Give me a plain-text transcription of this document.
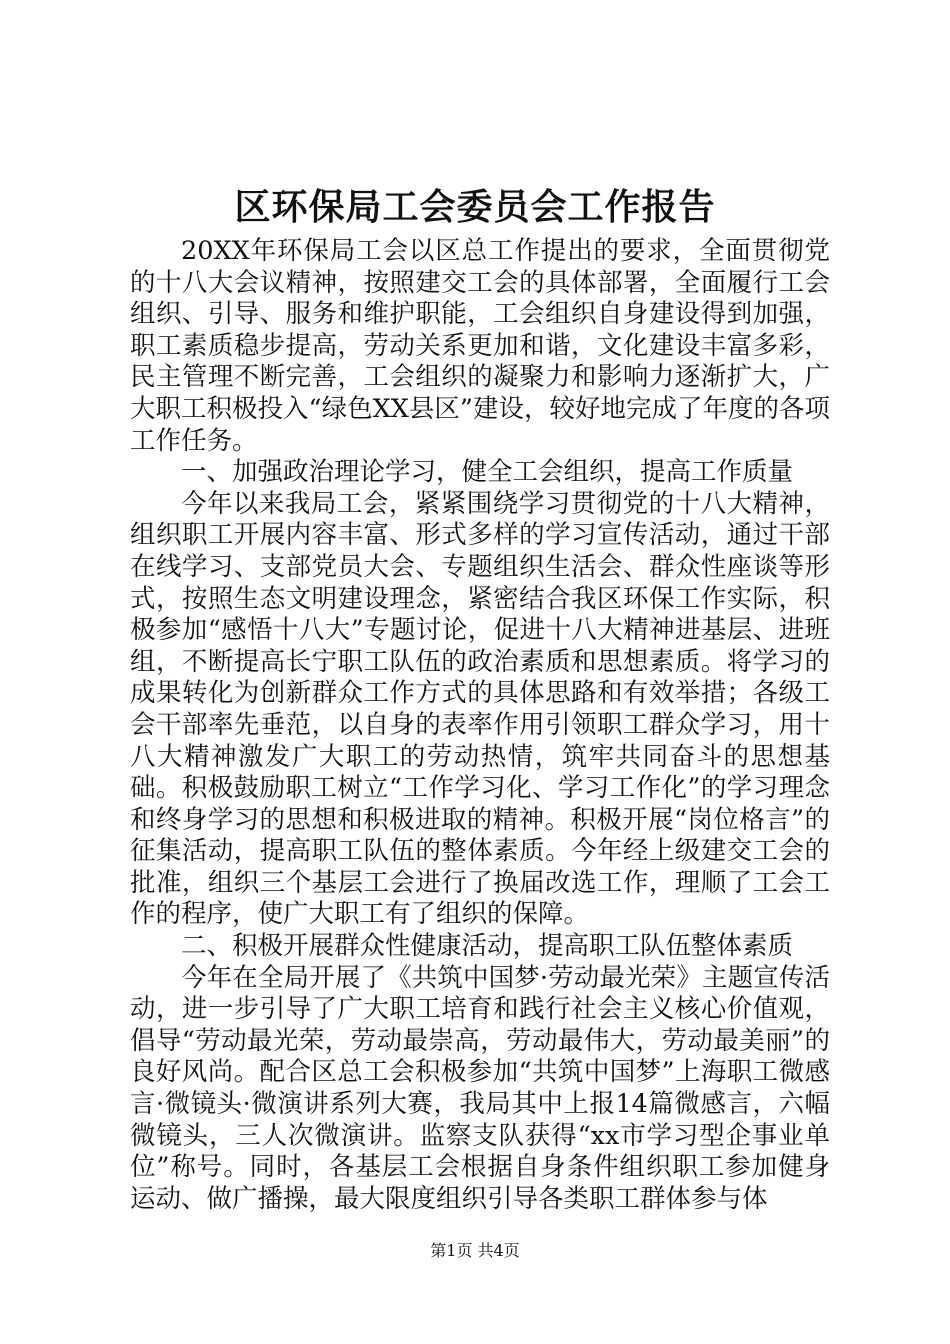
区环保局工会委员会工作报告

20XX年环保局工会以区总工作提出的要求，全面贯彻党的十八大会议精神，按照建交工会的具体部署，全面履行工会组织、引导、服务和维护职能，工会组织自身建设得到加强，职工素质稳步提高，劳动关系更加和谐，文化建设丰富多彩，民主管理不断完善，工会组织的凝聚力和影响力逐渐扩大，广大职工积极投入“绿色XX县区”建设，较好地完成了年度的各项工作任务。

一、加强政治理论学习，健全工会组织，提高工作质量

今年以来我局工会，紧紧围绕学习贯彻党的十八大精神，组织职工开展内容丰富、形式多样的学习宣传活动，通过干部在线学习、支部党员大会、专题组织生活会、群众性座谈等形式，按照生态文明建设理念，紧密结合我区环保工作实际，积极参加“感悟十八大”专题讨论，促进十八大精神进基层、进班组，不断提高长宁职工队伍的政治素质和思想素质。将学习的成果转化为创新群众工作方式的具体思路和有效举措；各级工会干部率先垂范，以自身的表率作用引领职工群众学习，用十八大精神激发广大职工的劳动热情，筑牢共同奋斗的思想基础。积极鼓励职工树立“工作学习化、学习工作化”的学习理念和终身学习的思想和积极进取的精神。积极开展“岗位格言”的征集活动，提高职工队伍的整体素质。今年经上级建交工会的批准，组织三个基层工会进行了换届改选工作，理顺了工会工作的程序，使广大职工有了组织的保障。

二、积极开展群众性健康活动，提高职工队伍整体素质

今年在全局开展了《共筑中国梦·劳动最光荣》主题宣传活动，进一步引导了广大职工培育和践行社会主义核心价值观，倡导“劳动最光荣，劳动最崇高，劳动最伟大，劳动最美丽”的良好风尚。配合区总工会积极参加“共筑中国梦”上海职工微感言·微镜头·微演讲系列大赛，我局其中上报14篇微感言，六幅微镜头，三人次微演讲。监察支队获得“xx市学习型企事业单位”称号。同时，各基层工会根据自身条件组织职工参加健身运动、做广播操，最大限度组织引导各类职工群体参与体

第1页 共4页
